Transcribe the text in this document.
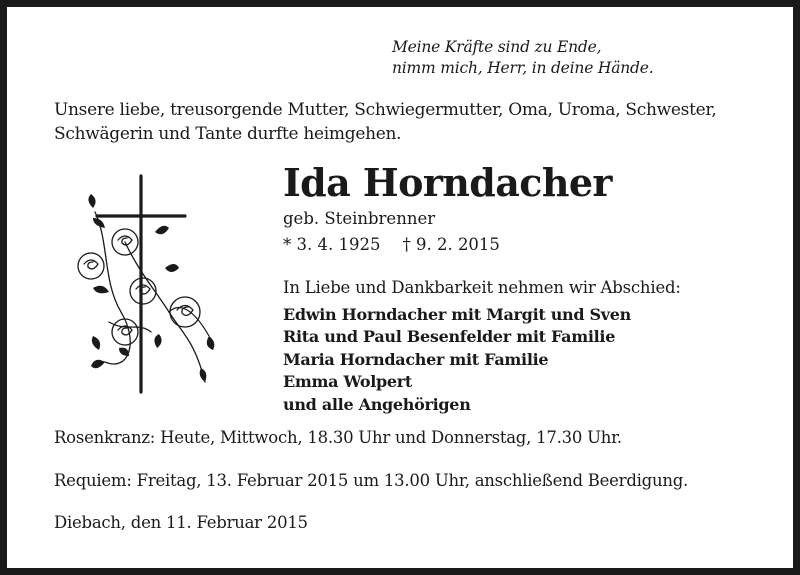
Meine Kräfte sind zu Ende,
nimm mich, Herr, in deine Hände.
Unsere liebe, treusorgende Mutter, Schwiegermutter, Oma, Uroma, Schwester,
Schwägerin und Tante durfte heimgehen.
Ida Horndacher
geb. Steinbrenner
* 3. 4. 1925 † 9. 2. 2015
In Liebe und Dankbarkeit nehmen wir Abschied:
Edwin Horndacher mit Margit und Sven
Rita und Paul Besenfelder mit Familie
Maria Horndacher mit Familie
Emma Wolpert
und alle Angehörigen
Rosenkranz: Heute, Mittwoch, 18.30 Uhr und Donnerstag, 17.30 Uhr.
Requiem: Freitag, 13. Februar 2015 um 13.00 Uhr, anschließend Beerdigung.
Diebach, den 11. Februar 2015
